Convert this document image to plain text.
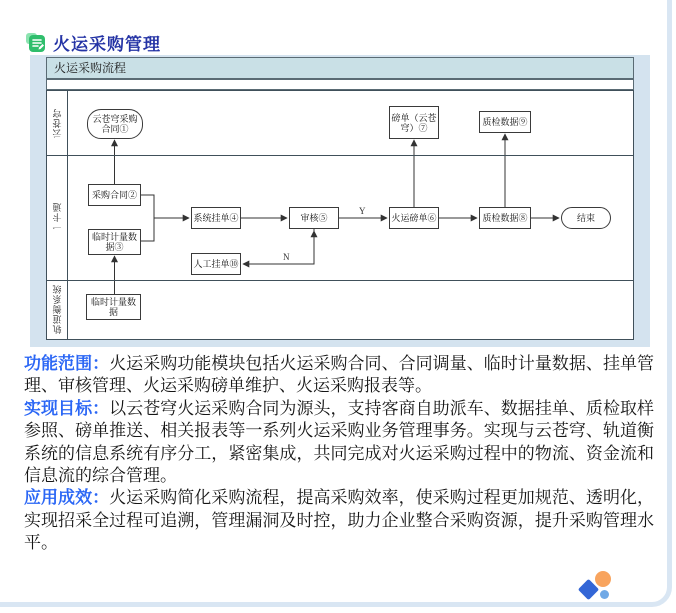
火运采购管理
火运采购流程
云苍穹
一卡通
轨道衡系统
云苍穹采购合同①
磅单（云苍穹）⑦
质检数据⑨
采购合同②
临时计量数据③
系统挂单④	审核⑤	火运磅单⑥	质检数据⑧	结束
人工挂单⑩
临时计量数据
Y
N

功能范围：火运采购功能模块包括火运采购合同、合同调量、临时计量数据、挂单管理、审核管理、火运采购磅单维护、火运采购报表等。

实现目标：以云苍穹火运采购合同为源头，支持客商自助派车、数据挂单、质检取样参照、磅单推送、相关报表等一系列火运采购业务管理事务。实现与云苍穹、轨道衡系统的信息系统有序分工，紧密集成，共同完成对火运采购过程中的物流、资金流和信息流的综合管理。

应用成效：火运采购简化采购流程，提高采购效率，使采购过程更加规范、透明化，实现招采全过程可追溯，管理漏洞及时控，助力企业整合采购资源，提升采购管理水平。
